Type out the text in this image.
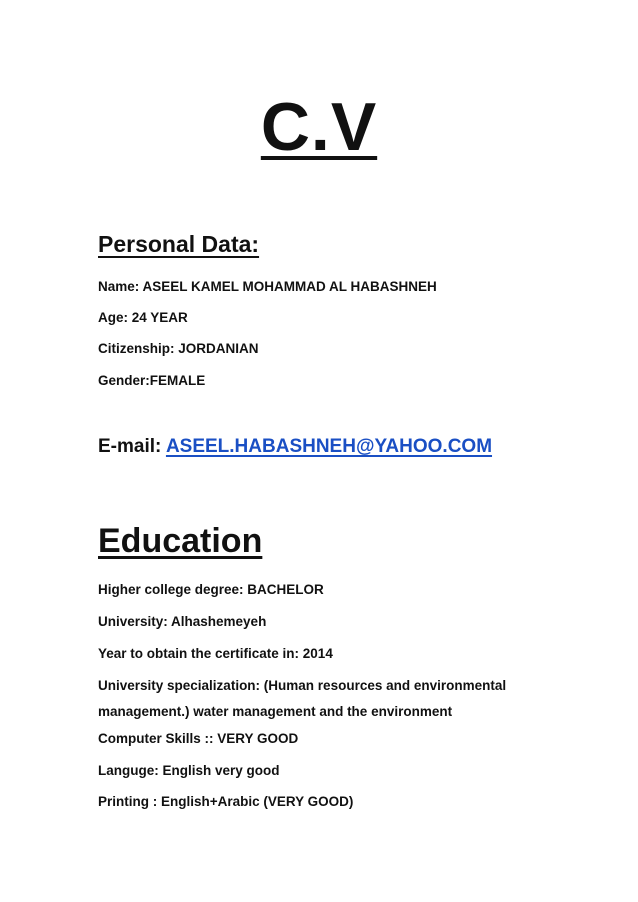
C.V
Personal Data:
Name: ASEEL KAMEL MOHAMMAD AL HABASHNEH
Age: 24 YEAR
Citizenship: JORDANIAN
Gender:FEMALE
E-mail: ASEEL.HABASHNEH@YAHOO.COM
Education
Higher college degree: BACHELOR
University: Alhashemeyeh
Year to obtain the certificate in: 2014
University specialization: (Human resources and environmental management.) water management and the environment
Computer Skills :: VERY GOOD
Languge: English very good
Printing : English+Arabic (VERY GOOD)
